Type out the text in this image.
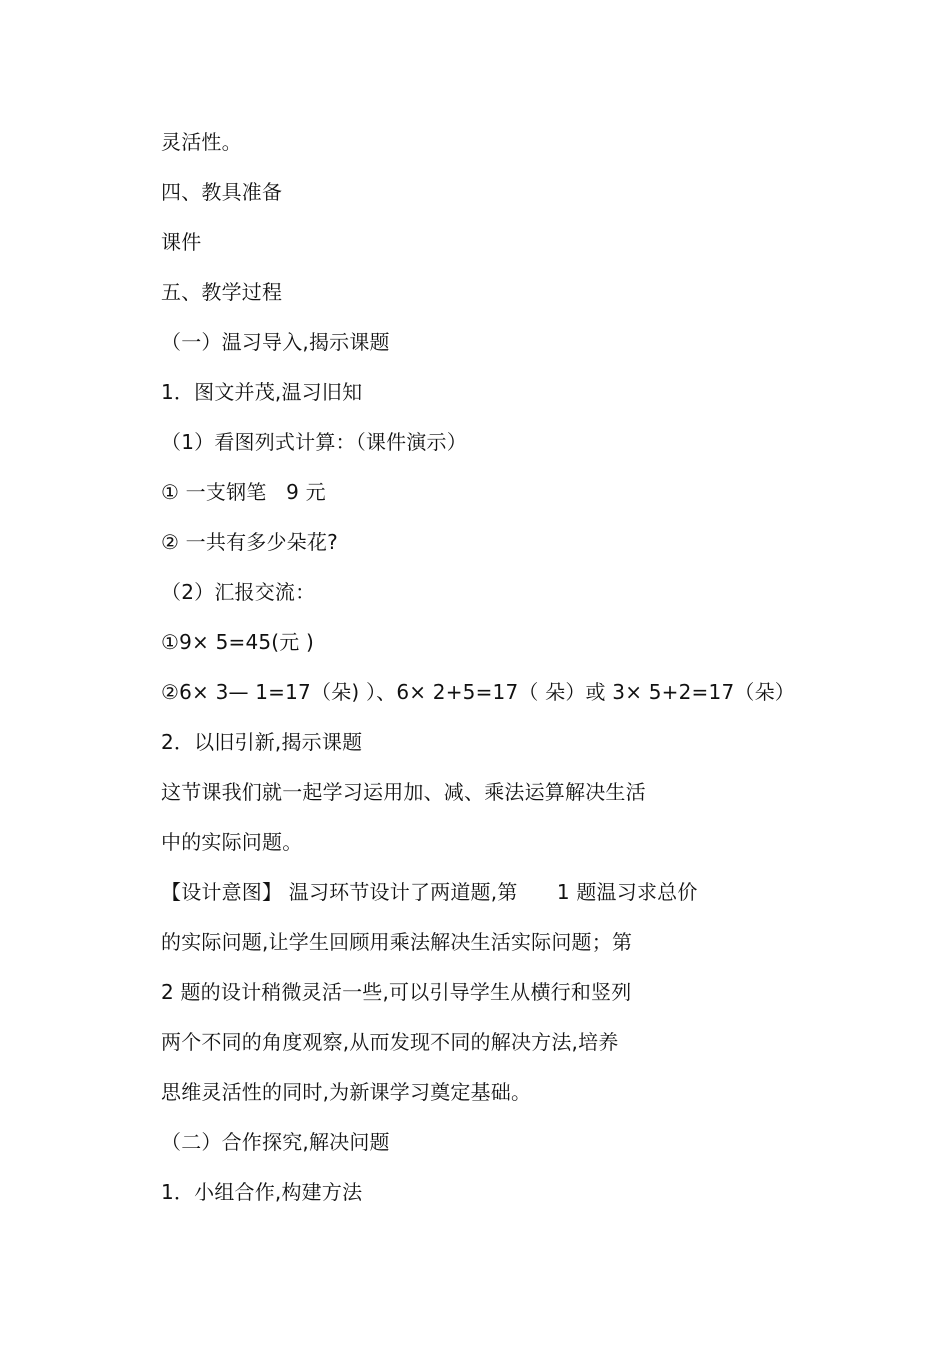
灵活性。
四、教具准备
课件
五、教学过程
（一）温习导入,揭示课题
1．图文并茂,温习旧知
（1）看图列式计算：（课件演示）
① 一支钢笔   9 元
② 一共有多少朵花?
（2）汇报交流：
①9× 5=45(元 )
②6× 3— 1=17（朵) ）、6× 2+5=17（ 朵）或 3× 5+2=17（朵）
2．以旧引新,揭示课题
这节课我们就一起学习运用加、减、乘法运算解决生活
中的实际问题。
【设计意图】 温习环节设计了两道题,第      1 题温习求总价
的实际问题,让学生回顾用乘法解决生活实际问题；第
2 题的设计稍微灵活一些,可以引导学生从横行和竖列
两个不同的角度观察,从而发现不同的解决方法,培养
思维灵活性的同时,为新课学习奠定基础。
（二）合作探究,解决问题
1．小组合作,构建方法
